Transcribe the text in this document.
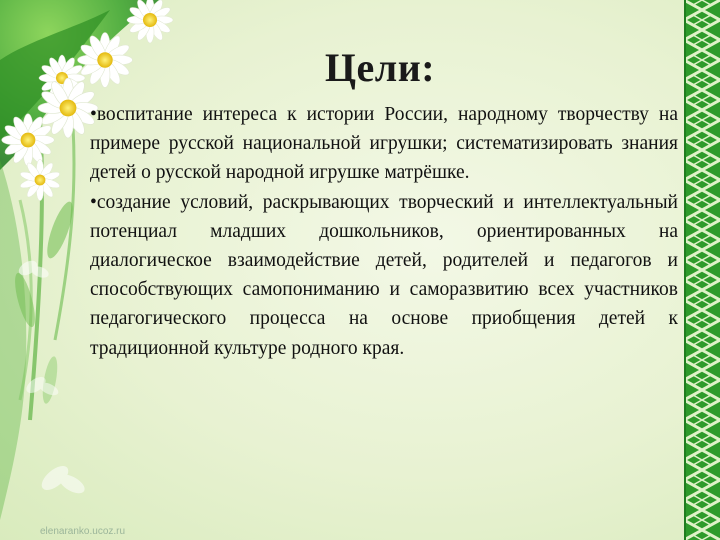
Цели:

•воспитание интереса к истории России, народному творчеству на примере русской национальной игрушки; систематизировать знания детей о русской народной игрушке матрёшке.

•создание условий, раскрывающих творческий и интеллектуальный потенциал младших дошкольников, ориентированных на диалогическое взаимодействие детей, родителей и педагогов и способствующих самопониманию и саморазвитию всех участников педагогического процесса на основе приобщения детей к традиционной культуре родного края.

elenaranko.ucoz.ru
